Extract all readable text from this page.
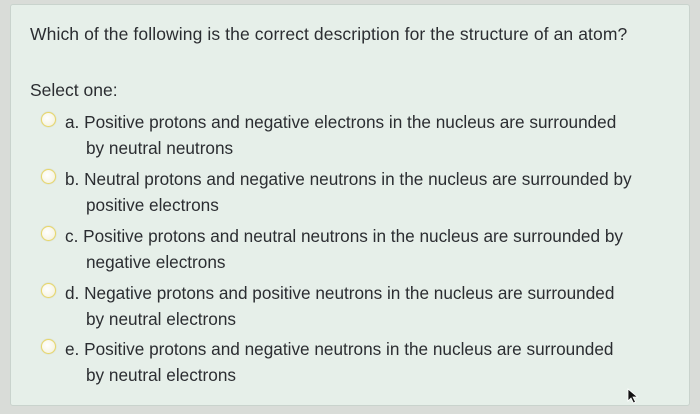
Which of the following is the correct description for the structure of an atom?
Select one:
a. Positive protons and negative electrons in the nucleus are surrounded
by neutral neutrons
b. Neutral protons and negative neutrons in the nucleus are surrounded by
positive electrons
c. Positive protons and neutral neutrons in the nucleus are surrounded by
negative electrons
d. Negative protons and positive neutrons in the nucleus are surrounded
by neutral electrons
e. Positive protons and negative neutrons in the nucleus are surrounded
by neutral electrons
